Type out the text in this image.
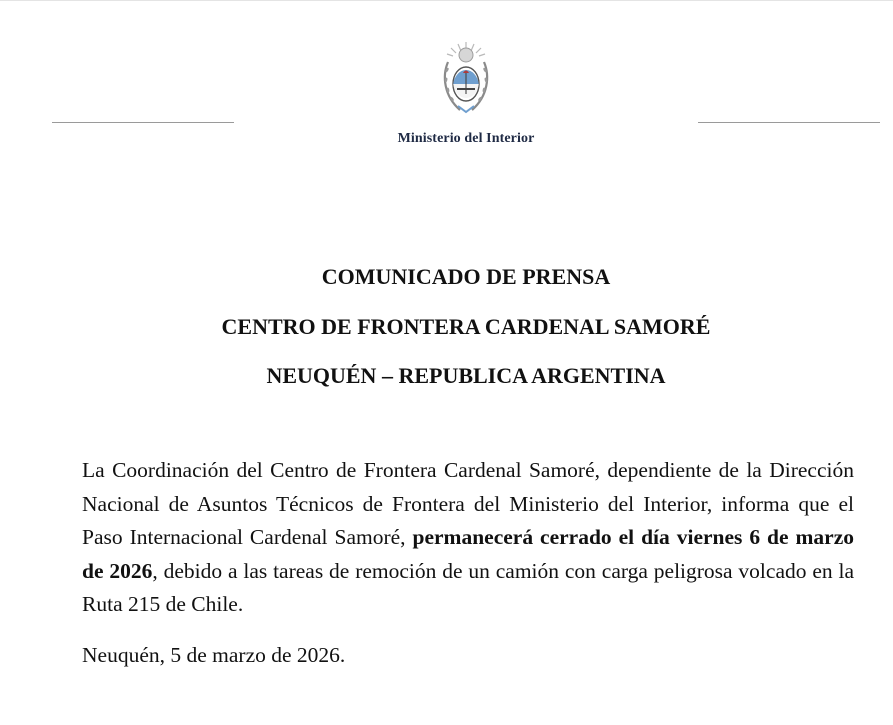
Ministerio del Interior
COMUNICADO DE PRENSA
CENTRO DE FRONTERA CARDENAL SAMORÉ
NEUQUÉN – REPUBLICA ARGENTINA
La Coordinación del Centro de Frontera Cardenal Samoré, dependiente de la Dirección Nacional de Asuntos Técnicos de Frontera del Ministerio del Interior, informa que el Paso Internacional Cardenal Samoré, permanecerá cerrado el día viernes 6 de marzo de 2026, debido a las tareas de remoción de un camión con carga peligrosa volcado en la Ruta 215 de Chile.
Neuquén, 5 de marzo de 2026.
